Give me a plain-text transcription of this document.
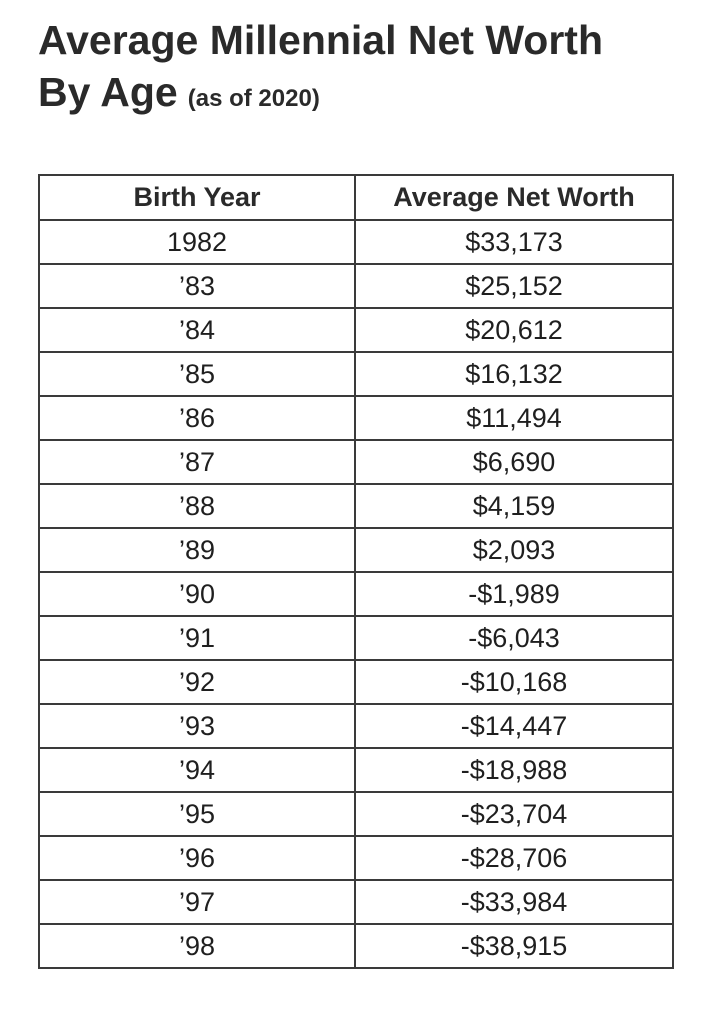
Average Millennial Net Worth
By Age (as of 2020)
Birth Year	Average Net Worth
1982	$33,173
’83	$25,152
’84	$20,612
’85	$16,132
’86	$11,494
’87	$6,690
’88	$4,159
’89	$2,093
’90	-$1,989
’91	-$6,043
’92	-$10,168
’93	-$14,447
’94	-$18,988
’95	-$23,704
’96	-$28,706
’97	-$33,984
’98	-$38,915
